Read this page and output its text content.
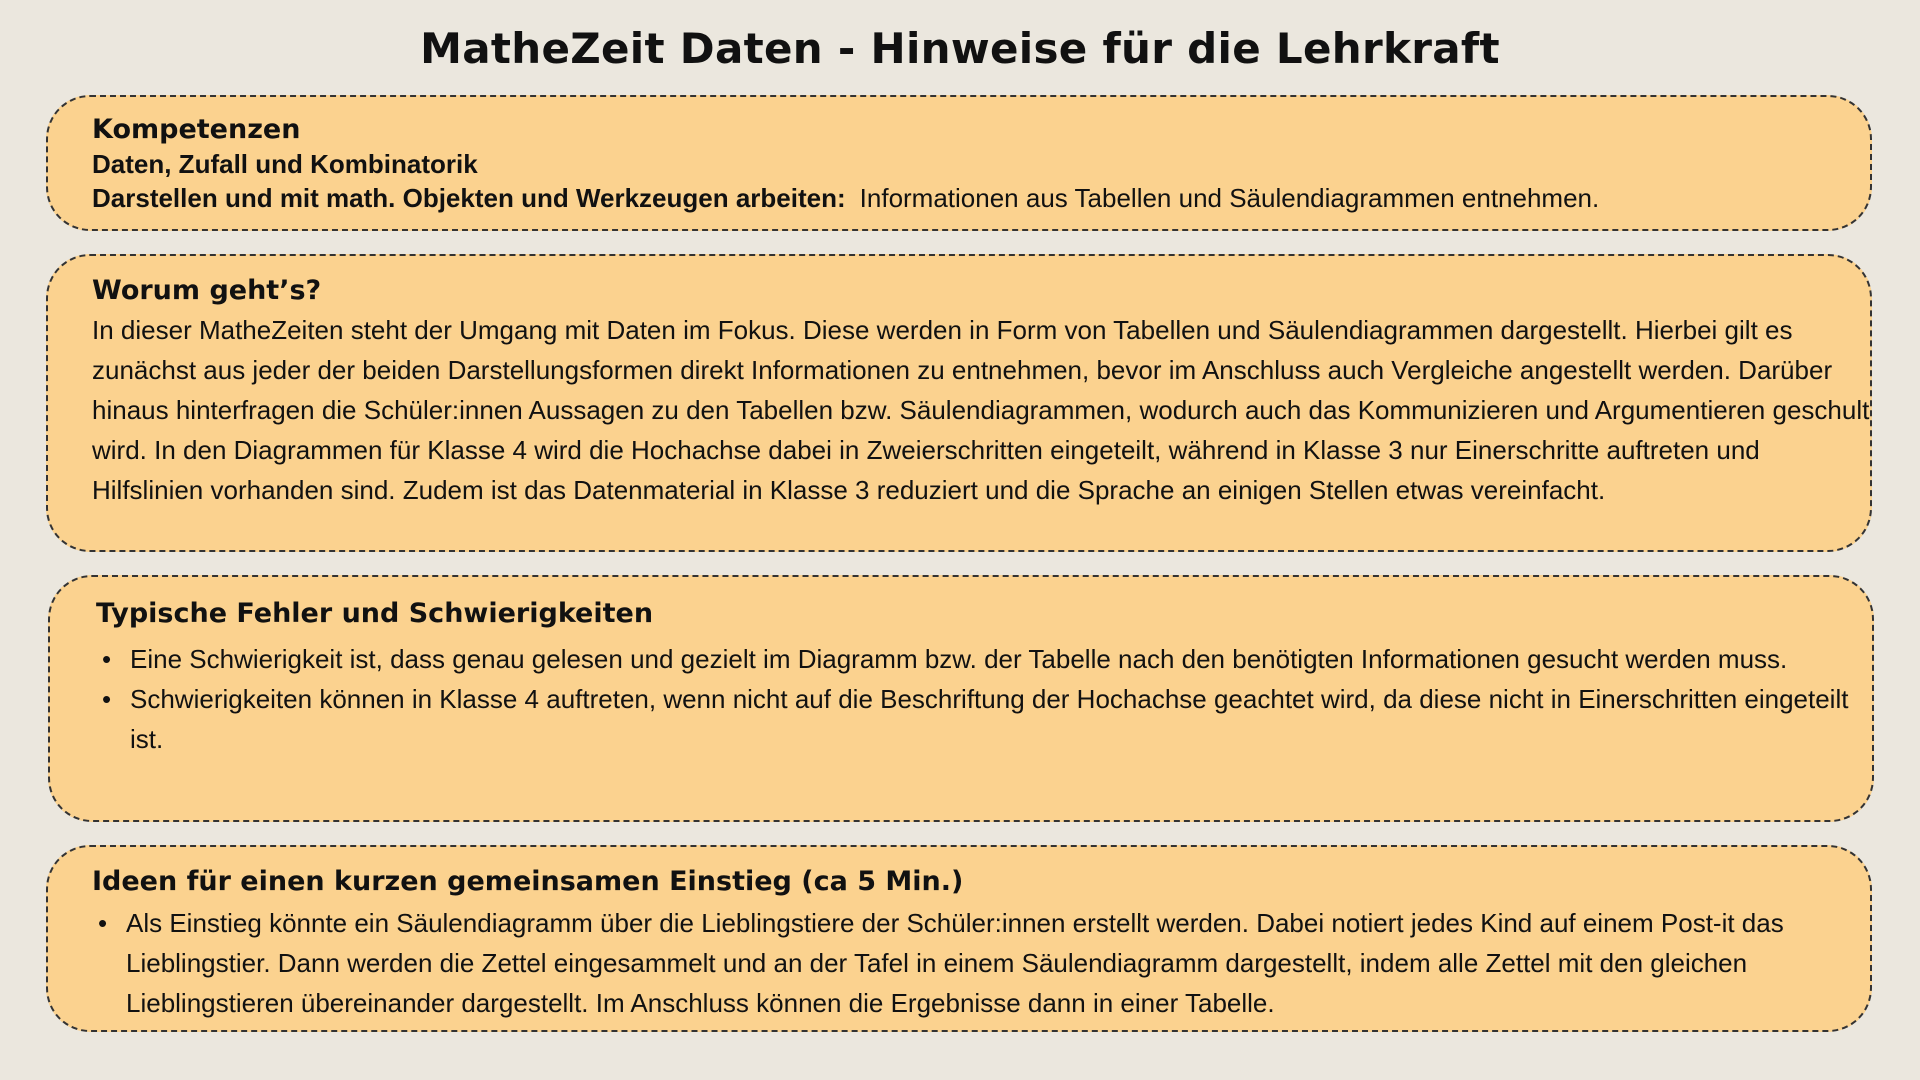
MatheZeit Daten - Hinweise für die Lehrkraft
Kompetenzen
Daten, Zufall und Kombinatorik
Darstellen und mit math. Objekten und Werkzeugen arbeiten: Informationen aus Tabellen und Säulendiagrammen entnehmen.
Worum geht’s?
In dieser MatheZeiten steht der Umgang mit Daten im Fokus. Diese werden in Form von Tabellen und Säulendiagrammen dargestellt. Hierbei gilt es zunächst aus jeder der beiden Darstellungsformen direkt Informationen zu entnehmen, bevor im Anschluss auch Vergleiche angestellt werden. Darüber hinaus hinterfragen die Schüler:innen Aussagen zu den Tabellen bzw. Säulendiagrammen, wodurch auch das Kommunizieren und Argumentieren geschult wird. In den Diagrammen für Klasse 4 wird die Hochachse dabei in Zweierschritten eingeteilt, während in Klasse 3 nur Einerschritte auftreten und Hilfslinien vorhanden sind. Zudem ist das Datenmaterial in Klasse 3 reduziert und die Sprache an einigen Stellen etwas vereinfacht.
Typische Fehler und Schwierigkeiten
• Eine Schwierigkeit ist, dass genau gelesen und gezielt im Diagramm bzw. der Tabelle nach den benötigten Informationen gesucht werden muss.
• Schwierigkeiten können in Klasse 4 auftreten, wenn nicht auf die Beschriftung der Hochachse geachtet wird, da diese nicht in Einerschritten eingeteilt ist.
Ideen für einen kurzen gemeinsamen Einstieg (ca 5 Min.)
• Als Einstieg könnte ein Säulendiagramm über die Lieblingstiere der Schüler:innen erstellt werden. Dabei notiert jedes Kind auf einem Post-it das Lieblingstier. Dann werden die Zettel eingesammelt und an der Tafel in einem Säulendiagramm dargestellt, indem alle Zettel mit den gleichen Lieblingstieren übereinander dargestellt. Im Anschluss können die Ergebnisse dann in einer Tabelle.
